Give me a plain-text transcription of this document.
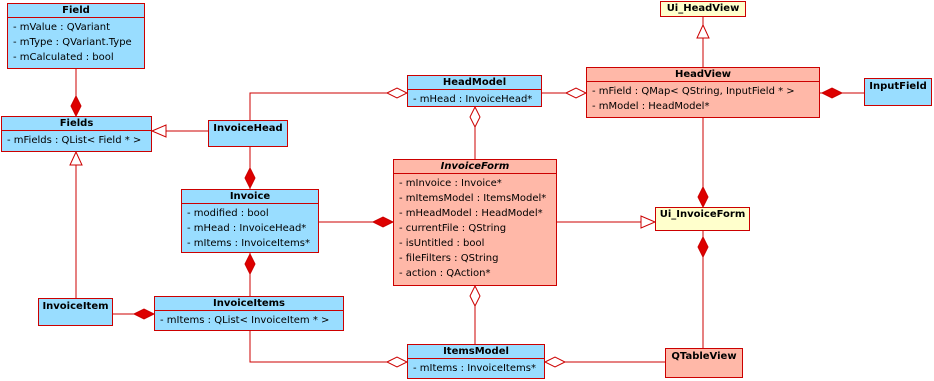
Field
- mValue : QVariant
- mType : QVariant.Type
- mCalculated : bool
Fields
- mFields : QList< Field * >
InvoiceHead
HeadModel
- mHead : InvoiceHead*
Ui_HeadView
HeadView
- mField : QMap< QString, InputField * >
- mModel : HeadModel*
InputField
Invoice
- modified : bool
- mHead : InvoiceHead*
- mItems : InvoiceItems*
InvoiceForm
- mInvoice : Invoice*
- mItemsModel : ItemsModel*
- mHeadModel : HeadModel*
- currentFile : QString
- isUntitled : bool
- fileFilters : QString
- action : QAction*
Ui_InvoiceForm
InvoiceItem	InvoiceItems
- mItems : QList< InvoiceItem * >
ItemsModel
- mItems : InvoiceItems*
QTableView
